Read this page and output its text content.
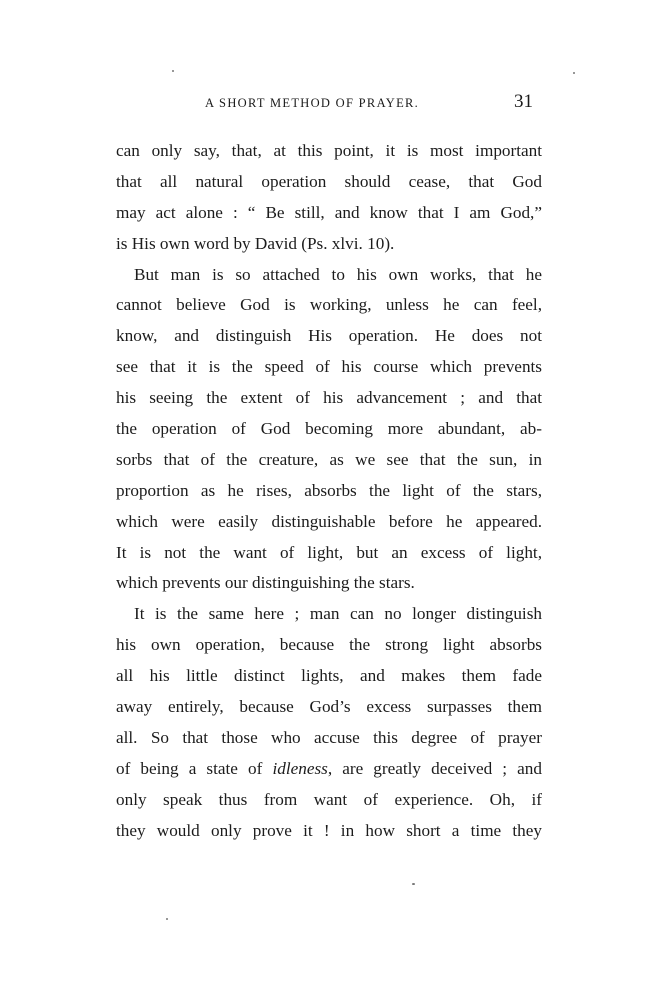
A SHORT METHOD OF PRAYER.	31
can only say, that, at this point, it is most important
that all natural operation should cease, that God
may act alone : “ Be still, and know that I am God,”
is His own word by David (Ps. xlvi. 10).
But man is so attached to his own works, that he
cannot believe God is working, unless he can feel,
know, and distinguish His operation. He does not
see that it is the speed of his course which prevents
his seeing the extent of his advancement ; and that
the operation of God becoming more abundant, ab-
sorbs that of the creature, as we see that the sun, in
proportion as he rises, absorbs the light of the stars,
which were easily distinguishable before he appeared.
It is not the want of light, but an excess of light,
which prevents our distinguishing the stars.
It is the same here ; man can no longer distinguish
his own operation, because the strong light absorbs
all his little distinct lights, and makes them fade
away entirely, because God’s excess surpasses them
all. So that those who accuse this degree of prayer
of being a state of idleness, are greatly deceived ; and
only speak thus from want of experience. Oh, if
they would only prove it ! in how short a time they
